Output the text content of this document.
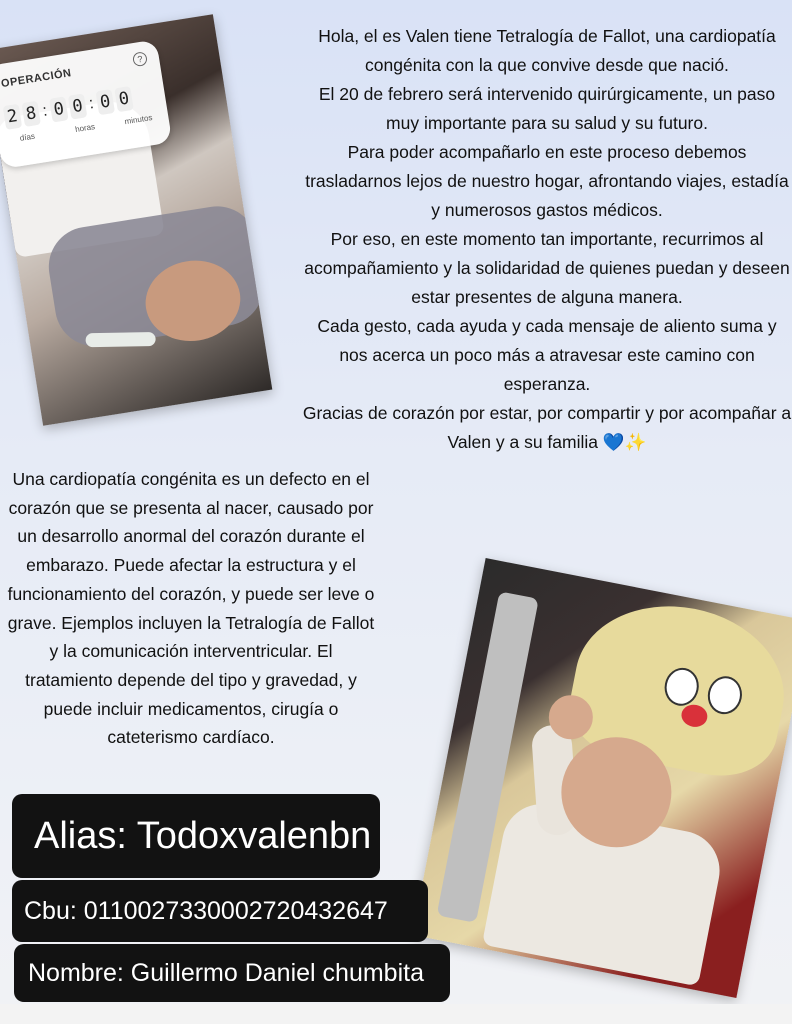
OPERACIÓN
?
2 8 : 0 0 : 0 0
días
horas
minutos

Hola, el es Valen tiene Tetralogía de Fallot, una cardiopatía congénita con la que convive desde que nació.

El 20 de febrero será intervenido quirúrgicamente, un paso muy importante para su salud y su futuro.

Para poder acompañarlo en este proceso debemos trasladarnos lejos de nuestro hogar, afrontando viajes, estadía y numerosos gastos médicos.

Por eso, en este momento tan importante, recurrimos al acompañamiento y la solidaridad de quienes puedan y deseen estar presentes de alguna manera.

Cada gesto, cada ayuda y cada mensaje de aliento suma y nos acerca un poco más a atravesar este camino con esperanza.

Gracias de corazón por estar, por compartir y por acompañar a Valen y a su familia 💙✨

Una cardiopatía congénita es un defecto en el corazón que se presenta al nacer, causado por un desarrollo anormal del corazón durante el embarazo. Puede afectar la estructura y el funcionamiento del corazón, y puede ser leve o grave. Ejemplos incluyen la Tetralogía de Fallot y la comunicación interventricular. El tratamiento depende del tipo y gravedad, y puede incluir medicamentos, cirugía o cateterismo cardíaco.
Alias: Todoxvalenbn
Cbu: 0110027330002720432647
Nombre: Guillermo Daniel chumbita
